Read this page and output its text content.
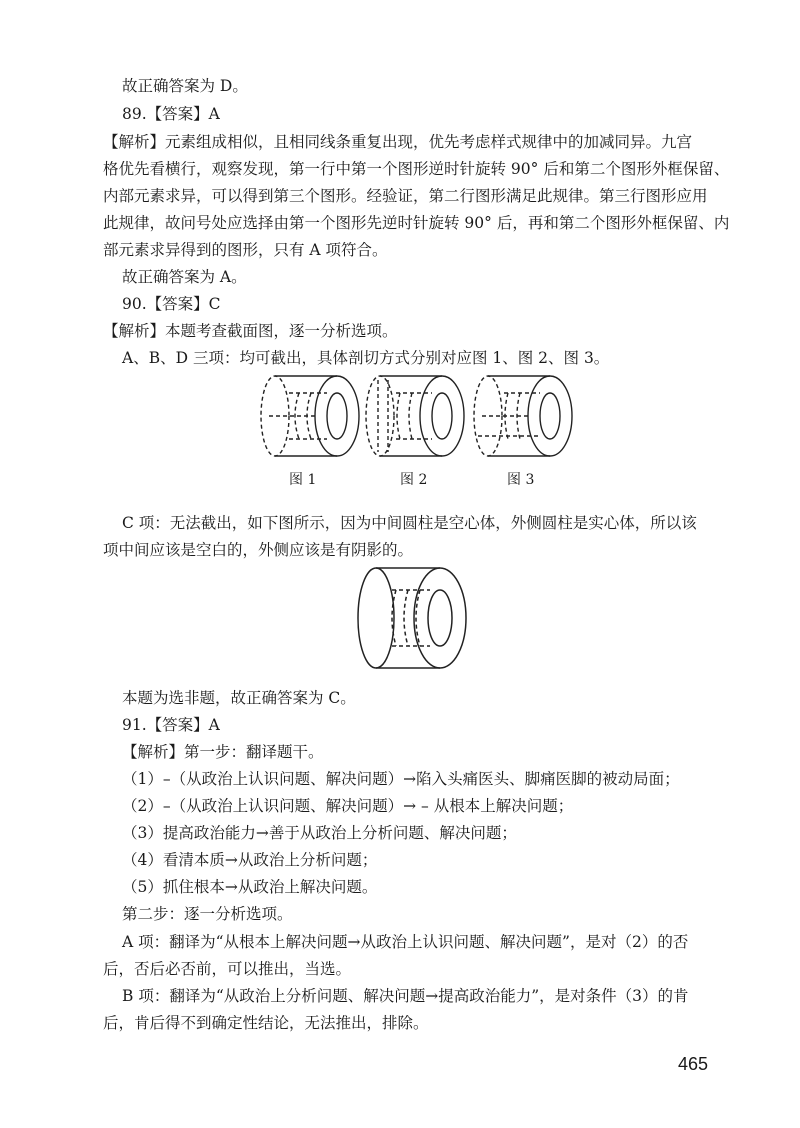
故正确答案为 D。
89.【答案】A
【解析】元素组成相似，且相同线条重复出现，优先考虑样式规律中的加减同异。九宫
格优先看横行，观察发现，第一行中第一个图形逆时针旋转 90° 后和第二个图形外框保留、
内部元素求异，可以得到第三个图形。经验证，第二行图形满足此规律。第三行图形应用
此规律，故问号处应选择由第一个图形先逆时针旋转 90° 后，再和第二个图形外框保留、内
部元素求异得到的图形，只有 A 项符合。
故正确答案为 A。
90.【答案】C
【解析】本题考查截面图，逐一分析选项。
A、B、D 三项：均可截出，具体剖切方式分别对应图 1、图 2、图 3。
图 1	图 2	图 3
C 项：无法截出，如下图所示，因为中间圆柱是空心体，外侧圆柱是实心体，所以该
项中间应该是空白的，外侧应该是有阴影的。
本题为选非题，故正确答案为 C。
91.【答案】A
【解析】第一步：翻译题干。
（1）–（从政治上认识问题、解决问题）→陷入头痛医头、脚痛医脚的被动局面；
（2）–（从政治上认识问题、解决问题）→ – 从根本上解决问题；
（3）提高政治能力→善于从政治上分析问题、解决问题；
（4）看清本质→从政治上分析问题；
（5）抓住根本→从政治上解决问题。
第二步：逐一分析选项。
A 项：翻译为“从根本上解决问题→从政治上认识问题、解决问题”，是对（2）的否
后，否后必否前，可以推出，当选。
B 项：翻译为“从政治上分析问题、解决问题→提高政治能力”，是对条件（3）的肯
后，肯后得不到确定性结论，无法推出，排除。
465
